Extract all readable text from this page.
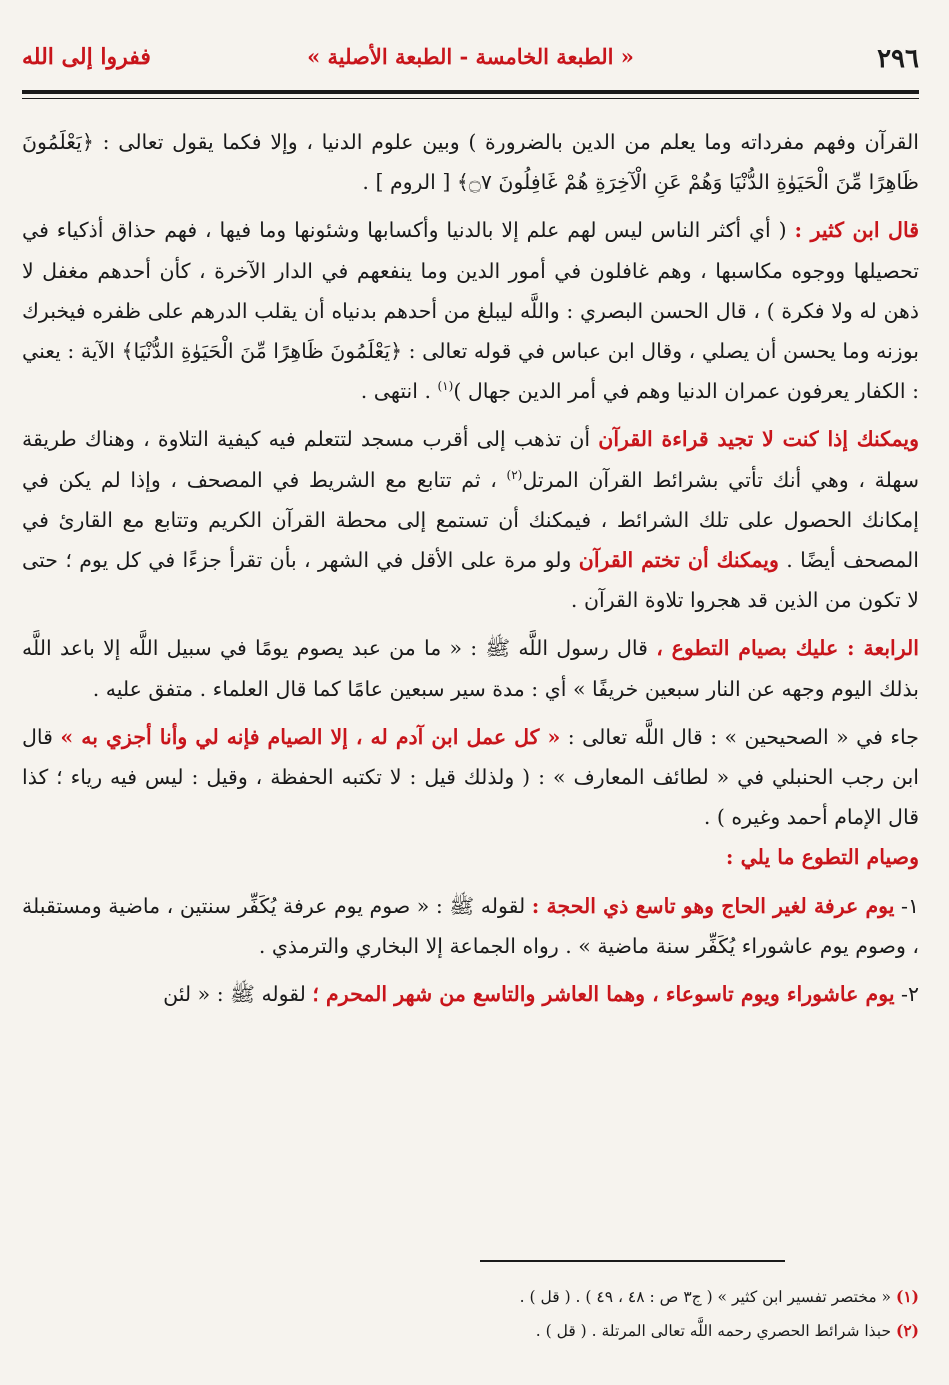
٢٩٦
« الطبعة الخامسة - الطبعة الأصلية »
ففروا إلى الله

القرآن وفهم مفرداته وما يعلم من الدين بالضرورة ) وبين علوم الدنيا ، وإلا فكما يقول تعالى : ﴿يَعْلَمُونَ ظَاهِرًا مِّنَ الْحَيَوٰةِ الدُّنْيَا وَهُمْ عَنِ الْآخِرَةِ هُمْ غَافِلُونَ ۝٧﴾ [ الروم ] .

قال ابن كثير : ( أي أكثر الناس ليس لهم علم إلا بالدنيا وأكسابها وشئونها وما فيها ، فهم حذاق أذكياء في تحصيلها ووجوه مكاسبها ، وهم غافلون في أمور الدين وما ينفعهم في الدار الآخرة ، كأن أحدهم مغفل لا ذهن له ولا فكرة ) ، قال الحسن البصري : واللَّه ليبلغ من أحدهم بدنياه أن يقلب الدرهم على ظفره فيخبرك بوزنه وما يحسن أن يصلي ، وقال ابن عباس في قوله تعالى : ﴿يَعْلَمُونَ ظَاهِرًا مِّنَ الْحَيَوٰةِ الدُّنْيَا﴾ الآية : يعني : الكفار يعرفون عمران الدنيا وهم في أمر الدين جهال )$^{(١)}$ . انتهى .

ويمكنك إذا كنت لا تجيد قراءة القرآن أن تذهب إلى أقرب مسجد لتتعلم فيه كيفية التلاوة ، وهناك طريقة سهلة ، وهي أنك تأتي بشرائط القرآن المرتل$^{(٢)}$ ، ثم تتابع مع الشريط في المصحف ، وإذا لم يكن في إمكانك الحصول على تلك الشرائط ، فيمكنك أن تستمع إلى محطة القرآن الكريم وتتابع مع القارئ في المصحف أيضًا . ويمكنك أن تختم القرآن ولو مرة على الأقل في الشهر ، بأن تقرأ جزءًا في كل يوم ؛ حتى لا تكون من الذين قد هجروا تلاوة القرآن .

الرابعة : عليك بصيام التطوع ، قال رسول اللَّه ﷺ : « ما من عبد يصوم يومًا في سبيل اللَّه إلا باعد اللَّه بذلك اليوم وجهه عن النار سبعين خريفًا » أي : مدة سير سبعين عامًا كما قال العلماء . متفق عليه .

جاء في « الصحيحين » : قال اللَّه تعالى : « كل عمل ابن آدم له ، إلا الصيام فإنه لي وأنا أجزي به » قال ابن رجب الحنبلي في « لطائف المعارف » : ( ولذلك قيل : لا تكتبه الحفظة ، وقيل : ليس فيه رياء ؛ كذا قال الإمام أحمد وغيره ) .

وصيام التطوع ما يلي :

١- يوم عرفة لغير الحاج وهو تاسع ذي الحجة : لقوله ﷺ : « صوم يوم عرفة يُكَفِّر سنتين ، ماضية ومستقبلة ، وصوم يوم عاشوراء يُكَفِّر سنة ماضية » . رواه الجماعة إلا البخاري والترمذي .

٢- يوم عاشوراء ويوم تاسوعاء ، وهما العاشر والتاسع من شهر المحرم ؛ لقوله ﷺ : « لئن

(١) « مختصر تفسير ابن كثير » ( ج٣ ص : ٤٨ ، ٤٩ ) . ( قل ) .
(٢) حبذا شرائط الحصري رحمه اللَّه تعالى المرتلة . ( قل ) .
